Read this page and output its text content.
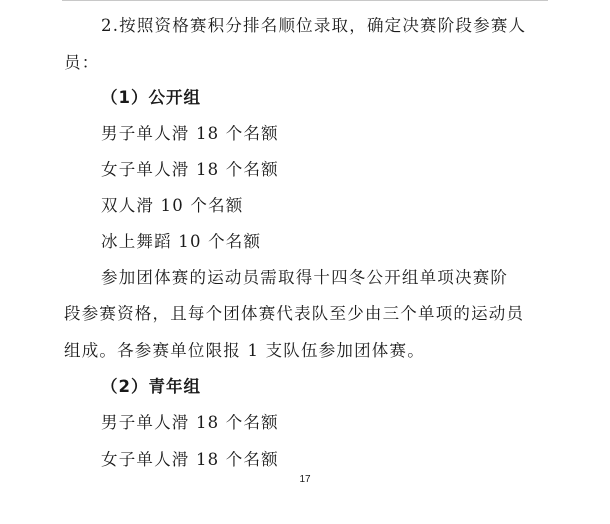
2.按照资格赛积分排名顺位录取，确定决赛阶段参赛人
员：
（1）公开组
男子单人滑 18 个名额
女子单人滑 18 个名额
双人滑 10 个名额
冰上舞蹈 10 个名额
参加团体赛的运动员需取得十四冬公开组单项决赛阶
段参赛资格，且每个团体赛代表队至少由三个单项的运动员
组成。各参赛单位限报 1 支队伍参加团体赛。
（2）青年组
男子单人滑 18 个名额
女子单人滑 18 个名额
17
